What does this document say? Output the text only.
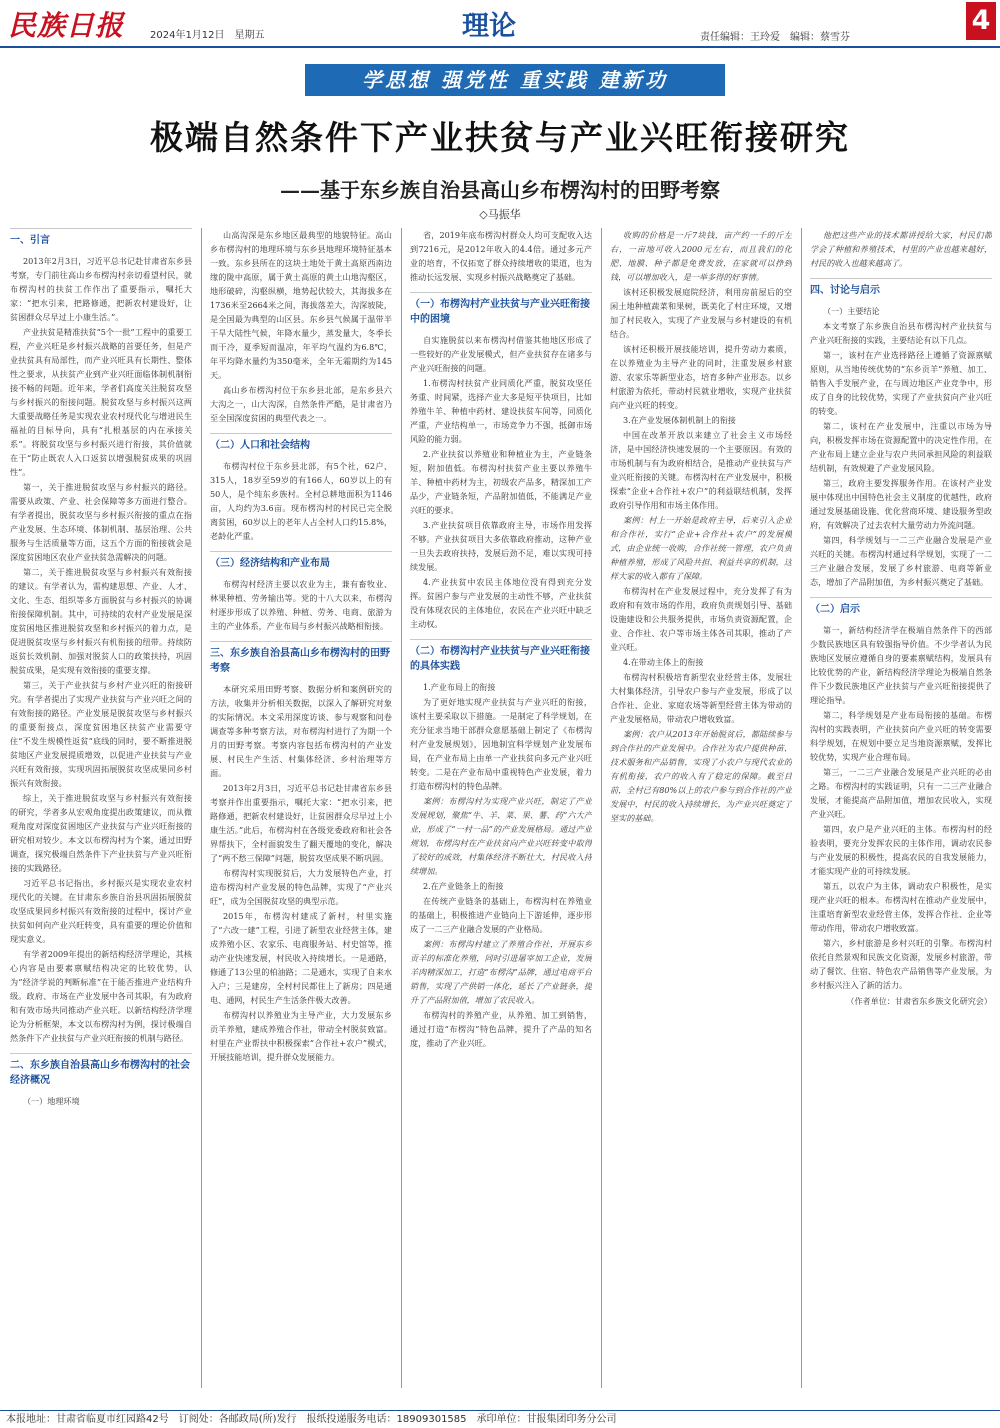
民族日报	2024年1月12日　星期五	理论	责任编辑：王玲爱　编辑：蔡雪芬
4
学思想 强党性 重实践 建新功
极端自然条件下产业扶贫与产业兴旺衔接研究
——基于东乡族自治县高山乡布楞沟村的田野考察
◇马振华
一、引言
2013年2月3日，习近平总书记赴甘肃省东乡县考察，专门前往高山乡布楞沟村亲切看望村民，就布楞沟村的扶贫工作作出了重要指示，嘱托大家：“把水引来，把路修通，把新农村建设好，让贫困群众尽早过上小康生活。”。
产业扶贫是精准扶贫“5个一批”工程中的重要工程，产业兴旺是乡村振兴战略的首要任务，但是产业扶贫具有局部性，而产业兴旺具有长期性、整体性之要求，从扶贫产业到产业兴旺面临体制机制衔接不畅的问题。近年来，学者们高度关注脱贫攻坚与乡村振兴的衔接问题。脱贫攻坚与乡村振兴这两大重要战略任务是实现农业农村现代化与增进民生福祉的目标导向，具有“扎根基层的内在承接关系”。将脱贫攻坚与乡村振兴进行衔接，其价值就在于“防止既农人入口返贫以增强脱贫成果的巩固性”。
第一，关于推进脱贫攻坚与乡村振兴的路径。需要从政策、产业、社会保障等多方面进行整合。有学者提出，脱贫攻坚与乡村振兴衔接的重点在指产业发展、生态环境、体制机制、基层治理、公共服务与生活质量等方面，这五个方面的衔接就会是深度贫困地区农业产业扶贫急需解决的问题。
第二，关于推进脱贫攻坚与乡村振兴有效衔接的建议。有学者认为，需构建思想、产业、人才、文化、生态、组织等多方面脱贫与乡村振兴的协调衔接保障机制。其中，可持续的农村产业发展是深度贫困地区推进脱贫攻坚和乡村振兴的着力点，是促进脱贫攻坚与乡村振兴有机衔接的纽带。持续防返贫长效机制、加强对脱贫人口的政策扶持，巩固脱贫成果，是实现有效衔接的重要支撑。
第三，关于产业扶贫与乡村产业兴旺的衔接研究。有学者提出了实现产业扶贫与产业兴旺之间的有效衔接的路径。产业发展是脱贫攻坚与乡村振兴的重要衔接点，深度贫困地区扶贫产业需要守住“不发生规模性返贫”底线的同时，要不断推进脱贫地区产业发展提质增效，以促进产业扶贫与产业兴旺有效衔接，实现巩固拓展脱贫攻坚成果同乡村振兴有效衔接。
综上，关于推进脱贫攻坚与乡村振兴有效衔接的研究，学者多从宏观角度提出政策建议，而从微观角度对深度贫困地区产业扶贫与产业兴旺衔接的研究相对较少。本文以布楞沟村为个案，通过田野调查，探究极端自然条件下产业扶贫与产业兴旺衔接的实践路径。
习近平总书记指出，乡村振兴是实现农业农村现代化的关键。在甘肃东乡族自治县巩固拓展脱贫攻坚成果同乡村振兴有效衔接的过程中，探讨产业扶贫如何向产业兴旺转变，具有重要的理论价值和现实意义。
有学者2009年提出的新结构经济学理论，其核心内容是由要素禀赋结构决定的比较优势，认为“经济学说的判断标准”在于能否推进产业结构升级。政府、市场在产业发展中各司其职，有为政府和有效市场共同推动产业兴旺。以新结构经济学理论为分析框架，本文以布楞沟村为例，探讨极端自然条件下产业扶贫与产业兴旺衔接的机制与路径。
二、东乡族自治县高山乡布楞沟村的社会经济概况
（一）地理环境
山高沟深是东乡地区最典型的地貌特征。高山乡布楞沟村的地理环境与东乡县地理环境特征基本一致。东乡县所在的这块土地处于黄土高原西南边缘的陇中高原，属于黄土高原的黄土山地沟壑区，地形破碎，沟壑纵横，地势起伏较大，其海拔多在1736米至2664米之间，海拔落差大，沟深坡陡，是全国最为典型的山区县。东乡县气候属于温带半干旱大陆性气候，年降水量少，蒸发量大，冬季长而干冷，夏季短而温凉，年平均气温约为6.8℃，年平均降水量约为350毫米，全年无霜期约为145天。
高山乡布楞沟村位于东乡县北部，是东乡县六大沟之一，山大沟深，自然条件严酷，是甘肃省乃至全国深度贫困的典型代表之一。
（二）人口和社会结构
布楞沟村位于东乡县北部，有5个社，62户、315人，18岁至59岁的有166人，60岁以上的有50人，是个纯东乡族村。全村总耕地面积为1146亩，人均约为3.6亩。现布楞沟村的村民已完全脱离贫困，60岁以上的老年人占全村人口约15.8%，老龄化严重。
（三）经济结构和产业布局
布楞沟村经济主要以农业为主，兼有畜牧业、林果种植、劳务输出等。党的十八大以来，布楞沟村逐步形成了以养殖、种植、劳务、电商、旅游为主的产业体系，产业布局与乡村振兴战略相衔接。
三、东乡族自治县高山乡布楞沟村的田野考察
本研究采用田野考察、数据分析和案例研究的方法，收集并分析相关数据，以深入了解研究对象的实际情况。本文采用深度访谈、参与观察和问卷调查等多种考察方法，对布楞沟村进行了为期一个月的田野考察。考察内容包括布楞沟村的产业发展、村民生产生活、村集体经济、乡村治理等方面。
2013年2月3日，习近平总书记赴甘肃省东乡县考察并作出重要指示，嘱托大家：“把水引来，把路修通，把新农村建设好，让贫困群众尽早过上小康生活。”此后，布楞沟村在各级党委政府和社会各界帮扶下，全村面貌发生了翻天覆地的变化，解决了“两不愁三保障”问题，脱贫攻坚成果不断巩固。
布楞沟村实现脱贫后，大力发展特色产业，打造布楞沟村产业发展的特色品牌，实现了“产业兴旺”，成为全国脱贫攻坚的典型示范。
2015年，布楞沟村建成了新村，村里实施了“六改一建”工程，引进了新型农业经营主体，建成养殖小区、农家乐、电商服务站、村史馆等，推动产业快速发展，村民收入持续增长。一是通路，修通了13公里的柏油路；二是通水，实现了自来水入户；三是建房，全村村民都住上了新房；四是通电、通网，村民生产生活条件极大改善。
布楞沟村以养殖业为主导产业，大力发展东乡贡羊养殖，建成养殖合作社，带动全村脱贫致富。村里在产业帮扶中积极探索“合作社+农户”模式，开展技能培训，提升群众发展能力。
省，2019年底布楞沟村群众人均可支配收入达到7216元，是2012年收入的4.4倍。通过多元产业的培育，不仅拓宽了群众持续增收的渠道，也为推动长远发展、实现乡村振兴战略奠定了基础。
（一）布楞沟村产业扶贫与产业兴旺衔接中的困境
自实施脱贫以来布楞沟村借鉴其他地区形成了一些较好的产业发展模式，但产业扶贫存在诸多与产业兴旺衔接的问题。
1.布楞沟村扶贫产业同质化严重，脱贫攻坚任务重、时间紧，选择产业大多是短平快项目，比如养殖牛羊、种植中药材、建设扶贫车间等，同质化严重，产业结构单一，市场竞争力不强，抵御市场风险的能力弱。
2.产业扶贫以养殖业和种植业为主，产业链条短，附加值低。布楞沟村扶贫产业主要以养殖牛羊、种植中药材为主，初级农产品多，精深加工产品少，产业链条短，产品附加值低，不能满足产业兴旺的要求。
3.产业扶贫项目依靠政府主导，市场作用发挥不够。产业扶贫项目大多依靠政府推动，这种产业一旦失去政府扶持，发展后劲不足，难以实现可持续发展。
4.产业扶贫中农民主体地位没有得到充分发挥。贫困户参与产业发展的主动性不够，产业扶贫没有体现农民的主体地位，农民在产业兴旺中缺乏主动权。
（二）布楞沟村产业扶贫与产业兴旺衔接的具体实践
1.产业布局上的衔接
为了更好地实现产业扶贫与产业兴旺的衔接，该村主要采取以下措施。一是制定了科学规划，在充分征求当地干部群众意愿基础上制定了《布楞沟村产业发展规划》，因地制宜科学规划产业发展布局，在产业布局上由单一产业扶贫向多元产业兴旺转变。二是在产业布局中重视特色产业发展，着力打造布楞沟村的特色品牌。
案例：布楞沟村为实现产业兴旺，制定了产业发展规划，聚焦“牛、羊、菜、果、薯、药”六大产业，形成了“一村一品”的产业发展格局。通过产业规划，布楞沟村在产业扶贫向产业兴旺转变中取得了较好的成效，村集体经济不断壮大，村民收入持续增加。
2.在产业链条上的衔接
在传统产业链条的基础上，布楞沟村在养殖业的基础上，积极推进产业链向上下游延伸，逐步形成了一二三产业融合发展的产业格局。
案例：布楞沟村建立了养殖合作社，开展东乡贡羊的标准化养殖，同时引进屠宰加工企业，发展羊肉精深加工，打造“布楞沟”品牌，通过电商平台销售，实现了产供销一体化，延长了产业链条，提升了产品附加值，增加了农民收入。
布楞沟村的养殖产业，从养殖、加工到销售，通过打造“布楞沟”特色品牌，提升了产品的知名度，推动了产业兴旺。
收购的价格是一斤7块钱，亩产约一千的斤左右，一亩地可收入2000元左右，而且我们的化肥、地膜、种子都是免费发放，在家就可以挣到钱，可以增加收入，是一举多得的好事情。
该村还积极发展庭院经济，利用房前屋后的空闲土地种植蔬菜和果树，既美化了村庄环境，又增加了村民收入，实现了产业发展与乡村建设的有机结合。
该村还积极开展技能培训，提升劳动力素质，在以养殖业为主导产业的同时，注重发展乡村旅游、农家乐等新型业态，培育多种产业形态。以乡村旅游为依托，带动村民就业增收，实现产业扶贫向产业兴旺的转变。
3.在产业发展体制机制上的衔接
中国在改革开放以来建立了社会主义市场经济，是中国经济快速发展的一个主要原因。有效的市场机制与有为政府相结合，是推动产业扶贫与产业兴旺衔接的关键。布楞沟村在产业发展中，积极探索“企业+合作社+农户”的利益联结机制，发挥政府引导作用和市场主体作用。
案例：村上一开始是政府主导，后来引入企业和合作社，实行“企业+合作社+农户”的发展模式，由企业统一收购，合作社统一管理，农户负责种植养殖，形成了风险共担、利益共享的机制，这样大家的收入都有了保障。
布楞沟村在产业发展过程中，充分发挥了有为政府和有效市场的作用，政府负责规划引导、基础设施建设和公共服务提供，市场负责资源配置，企业、合作社、农户等市场主体各司其职，推动了产业兴旺。
4.在带动主体上的衔接
布楞沟村积极培育新型农业经营主体，发展壮大村集体经济，引导农户参与产业发展，形成了以合作社、企业、家庭农场等新型经营主体为带动的产业发展格局，带动农户增收致富。
案例：农户从2013年开始脱贫后，都陆续参与到合作社的产业发展中。合作社为农户提供种苗、技术服务和产品销售，实现了小农户与现代农业的有机衔接，农户的收入有了稳定的保障。截至目前，全村已有80%以上的农户参与到合作社的产业发展中，村民的收入持续增长，为产业兴旺奠定了坚实的基础。
他把这些产业的技术都讲授给大家，村民们都学会了种植和养殖技术，村里的产业也越来越好，村民的收入也越来越高了。
四、讨论与启示
（一）主要结论
本文考察了东乡族自治县布楞沟村产业扶贫与产业兴旺衔接的实践，主要结论有以下几点。
第一，该村在产业选择路径上遵循了资源禀赋原则，从当地传统优势的“东乡贡羊”养殖、加工、销售入手发展产业，在与周边地区产业竞争中，形成了自身的比较优势，实现了产业扶贫向产业兴旺的转变。
第二，该村在产业发展中，注重以市场为导向，积极发挥市场在资源配置中的决定性作用，在产业布局上建立企业与农户共同承担风险的利益联结机制，有效规避了产业发展风险。
第三，政府主要发挥服务作用。在该村产业发展中体现出中国特色社会主义制度的优越性，政府通过发展基础设施、优化营商环境、建设服务型政府，有效解决了过去农村大量劳动力外流问题。
第四，科学规划与一二三产业融合发展是产业兴旺的关键。布楞沟村通过科学规划，实现了一二三产业融合发展，发展了乡村旅游、电商等新业态，增加了产品附加值，为乡村振兴奠定了基础。
（二）启示
第一，新结构经济学在极端自然条件下的西部少数民族地区具有较强指导价值。不少学者认为民族地区发展应遵循自身的要素禀赋结构，发展具有比较优势的产业，新结构经济学理论为极端自然条件下少数民族地区产业扶贫与产业兴旺衔接提供了理论指导。
第二，科学规划是产业布局衔接的基础。布楞沟村的实践表明，产业扶贫向产业兴旺的转变需要科学规划，在规划中要立足当地资源禀赋，发挥比较优势，实现产业合理布局。
第三，一二三产业融合发展是产业兴旺的必由之路。布楞沟村的实践证明，只有一二三产业融合发展，才能提高产品附加值，增加农民收入，实现产业兴旺。
第四，农户是产业兴旺的主体。布楞沟村的经验表明，要充分发挥农民的主体作用，调动农民参与产业发展的积极性，提高农民的自我发展能力，才能实现产业的可持续发展。
第五，以农户为主体，调动农户积极性，是实现产业兴旺的根本。布楞沟村在推动产业发展中，注重培育新型农业经营主体，发挥合作社、企业等带动作用，带动农户增收致富。
第六，乡村旅游是乡村兴旺的引擎。布楞沟村依托自然景观和民族文化资源，发展乡村旅游，带动了餐饮、住宿、特色农产品销售等产业发展，为乡村振兴注入了新的活力。
（作者单位：甘肃省东乡族文化研究会）
本报地址：甘肃省临夏市红园路42号　订阅处：各邮政局(所)发行　报纸投递服务电话：18909301585　承印单位：甘报集团印务分公司
